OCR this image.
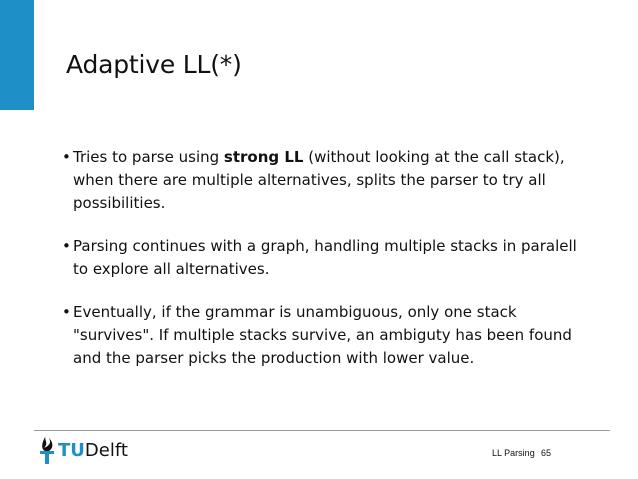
Adaptive LL(*)
• Tries to parse using strong LL (without looking at the call stack), when there are multiple alternatives, splits the parser to try all possibilities.
• Parsing continues with a graph, handling multiple stacks in paralell to explore all alternatives.
• Eventually, if the grammar is unambiguous, only one stack "survives". If multiple stacks survive, an ambiguty has been found and the parser picks the production with lower value.
TUDelft	LL Parsing 65
